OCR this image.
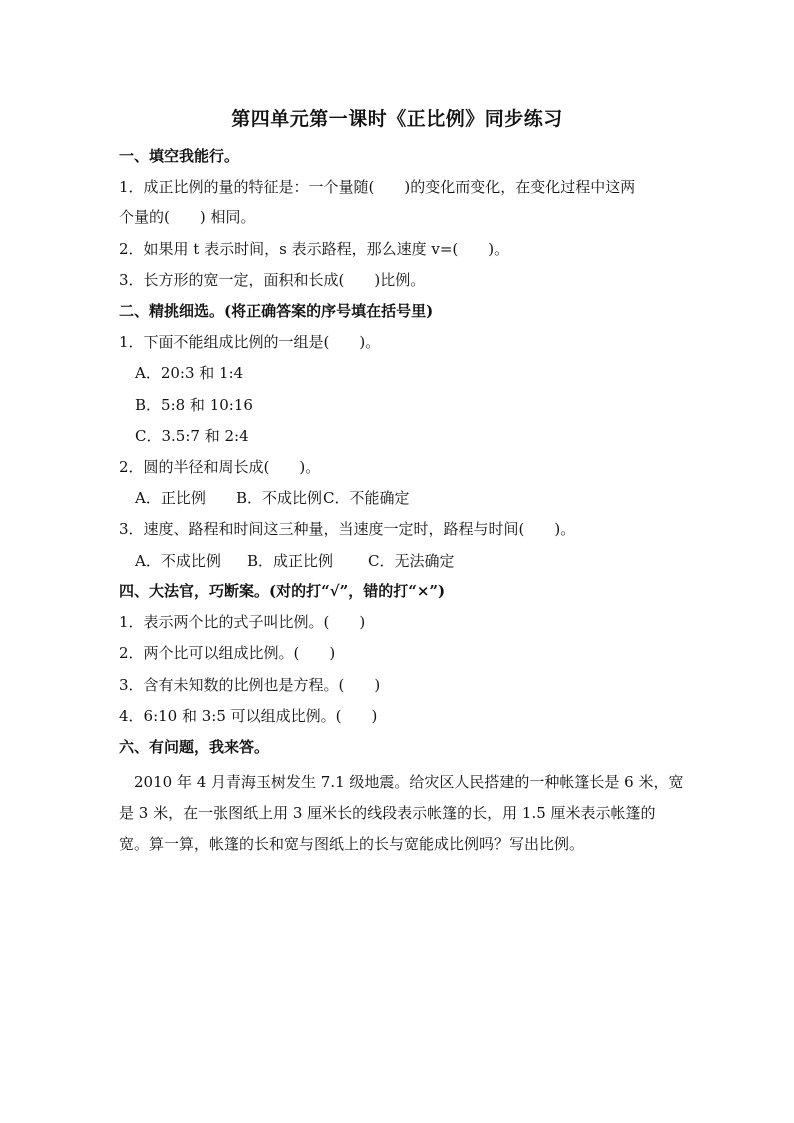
第四单元第一课时《正比例》同步练习
一、填空我能行。
1．成正比例的量的特征是：一个量随(　　)的变化而变化，在变化过程中这两
个量的(　　) 相同。
2．如果用 t 表示时间，s 表示路程，那么速度 v=(　　)。
3．长方形的宽一定，面积和长成(　　)比例。
二、精挑细选。(将正确答案的序号填在括号里)
1．下面不能组成比例的一组是(　　)。
A．20:3 和 1:4
B．5:8 和 10:16
C．3.5:7 和 2:4
2．圆的半径和周长成(　　)。
A．正比例 B．不成比例C．不能确定
3．速度、路程和时间这三种量，当速度一定时，路程与时间(　　)。
A．不成比例 B．成正比例 C．无法确定
四、大法官，巧断案。(对的打“√”，错的打“×”)
1．表示两个比的式子叫比例。(　　)
2．两个比可以组成比例。(　　)
3．含有未知数的比例也是方程。(　　)
4．6:10 和 3:5 可以组成比例。(　　)
六、有问题，我来答。
2010 年 4 月青海玉树发生 7.1 级地震。给灾区人民搭建的一种帐篷长是 6 米，宽是 3 米，在一张图纸上用 3 厘米长的线段表示帐篷的长，用 1.5 厘米表示帐篷的宽。算一算，帐篷的长和宽与图纸上的长与宽能成比例吗？写出比例。
